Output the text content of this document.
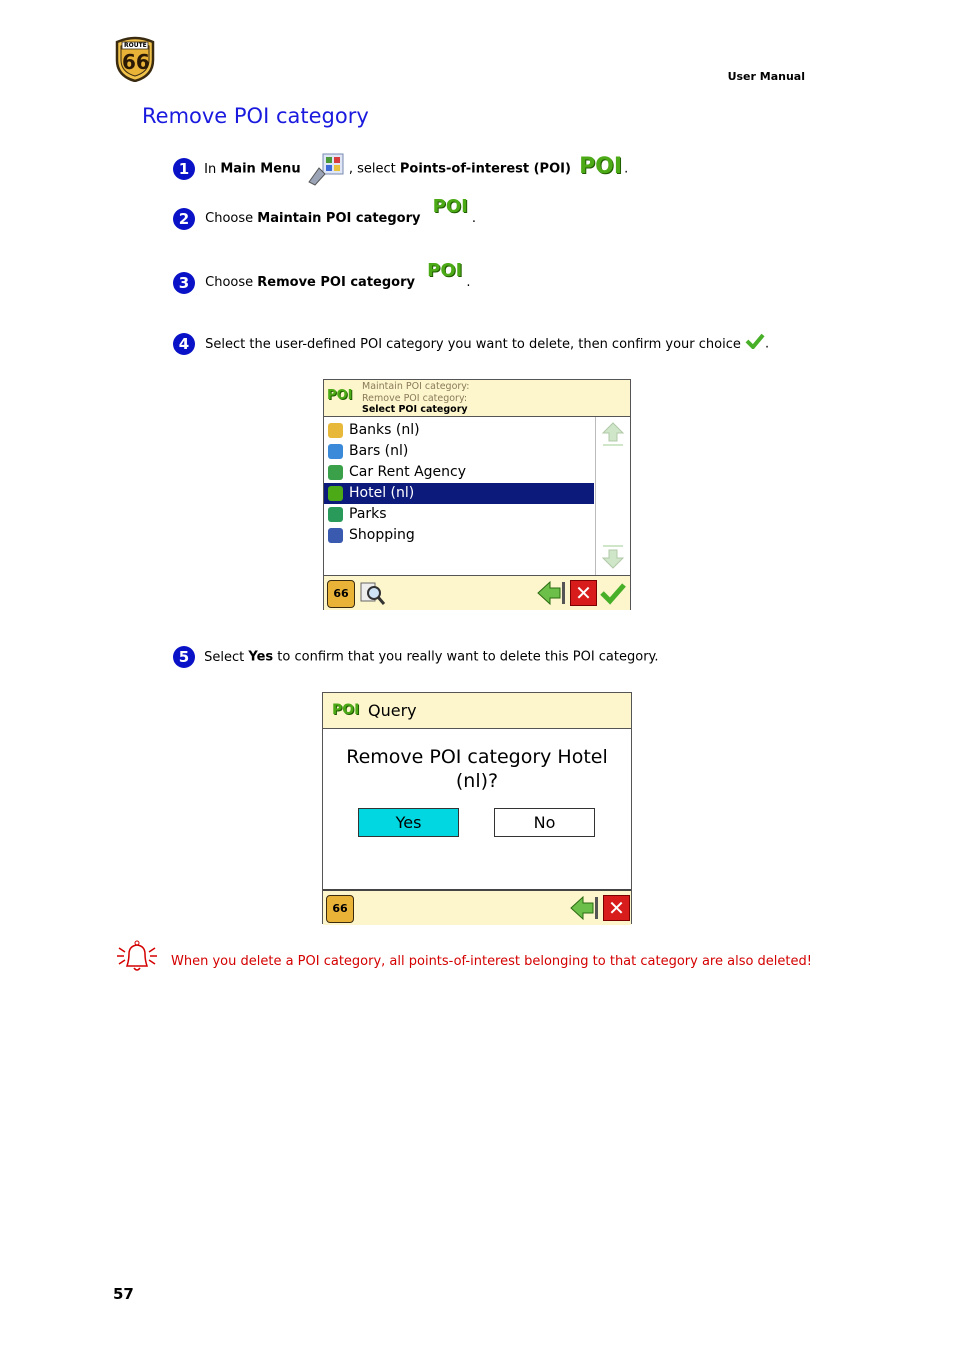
ROUTE
66
User Manual
Remove POI category
1 In Main Menu	, select Points-of-interest (POI) POI .
2 Choose Maintain POI category POI.
3 Choose Remove POI category POI.
4 Select the user-defined POI category you want to delete, then confirm your choice .
POI
Maintain POI category:
Remove POI category:
Select POI category
Banks (nl)
Bars (nl)
Car Rent Agency
Hotel (nl)
Parks
Shopping
66	✕
5 Select Yes to confirm that you really want to delete this POI category.
POI Query
Remove POI category Hotel (nl)?
Yes	No
66	✕
When you delete a POI category, all points-of-interest belonging to that category are also deleted!
57
